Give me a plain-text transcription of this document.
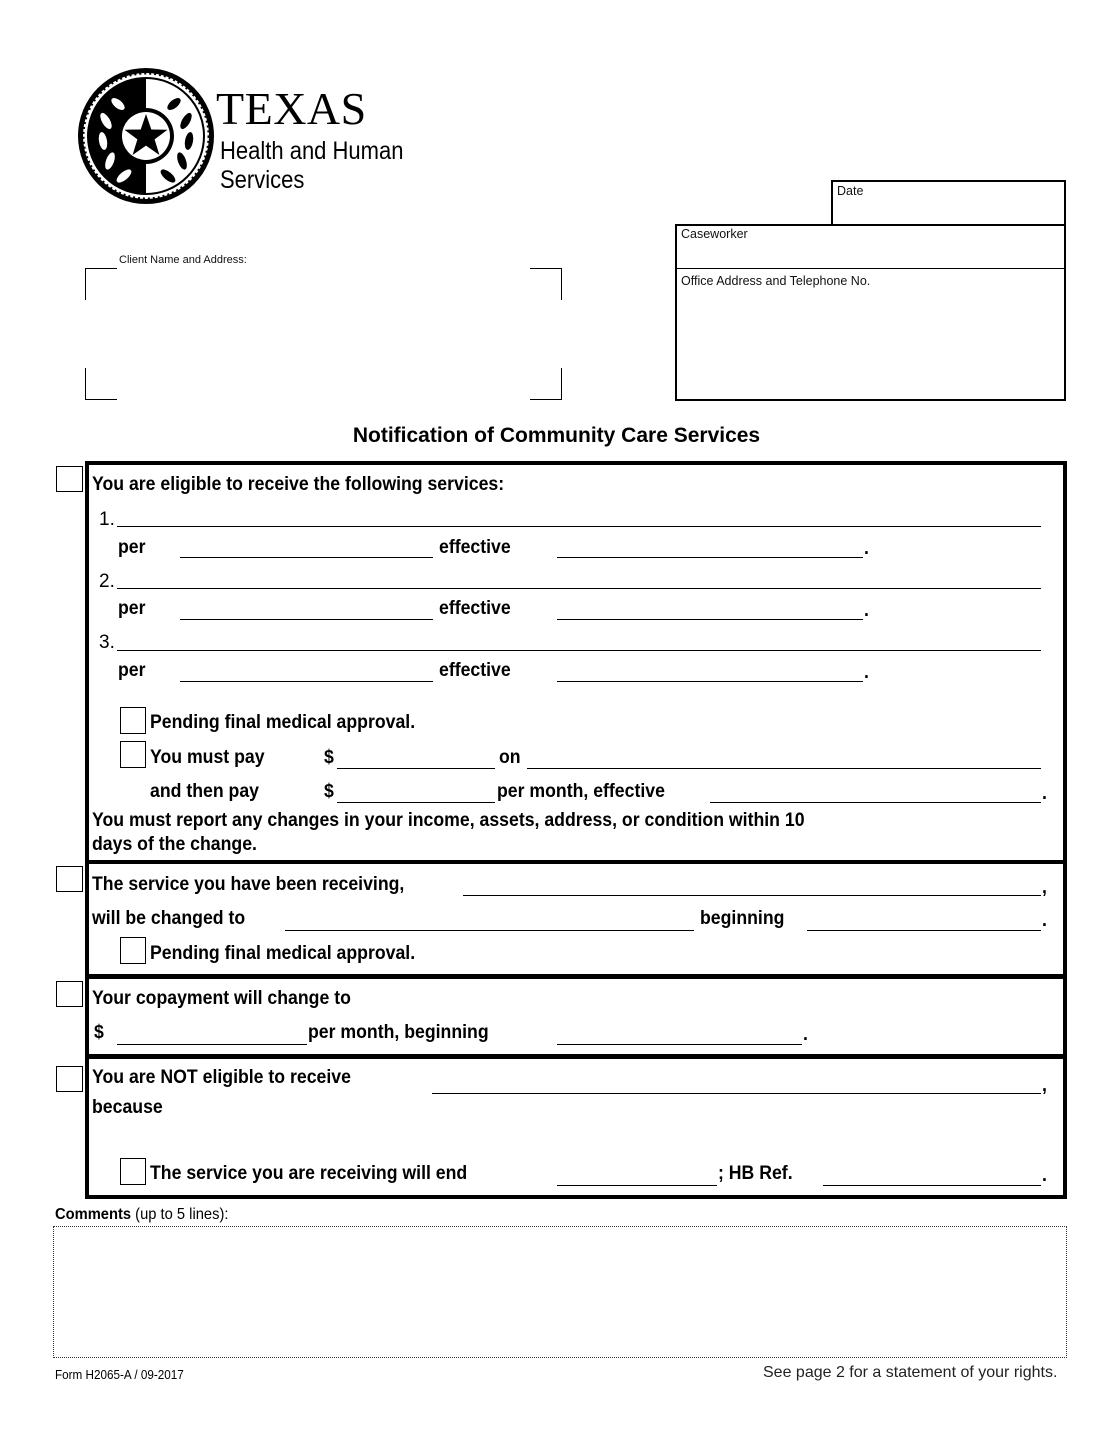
TEXAS
Health and Human
Services	Date
Caseworker
Office Address and Telephone No.
Client Name and Address:
Notification of Community Care Services
You are eligible to receive the following services:
1.
per	effective	.
2.
per	effective	.
3.
per	effective	.
Pending final medical approval.
You must pay	$	on
and then pay	$	per month, effective	.
You must report any changes in your income, assets, address, or condition within 10
days of the change.
The service you have been receiving,	,
will be changed to	beginning	.
Pending final medical approval.
Your copayment will change to
$	per month, beginning	.
You are NOT eligible to receive	,
because
The service you are receiving will end	; HB Ref.	.
Comments (up to 5 lines):
Form H2065-A / 09-2017	See page 2 for a statement of your rights.
